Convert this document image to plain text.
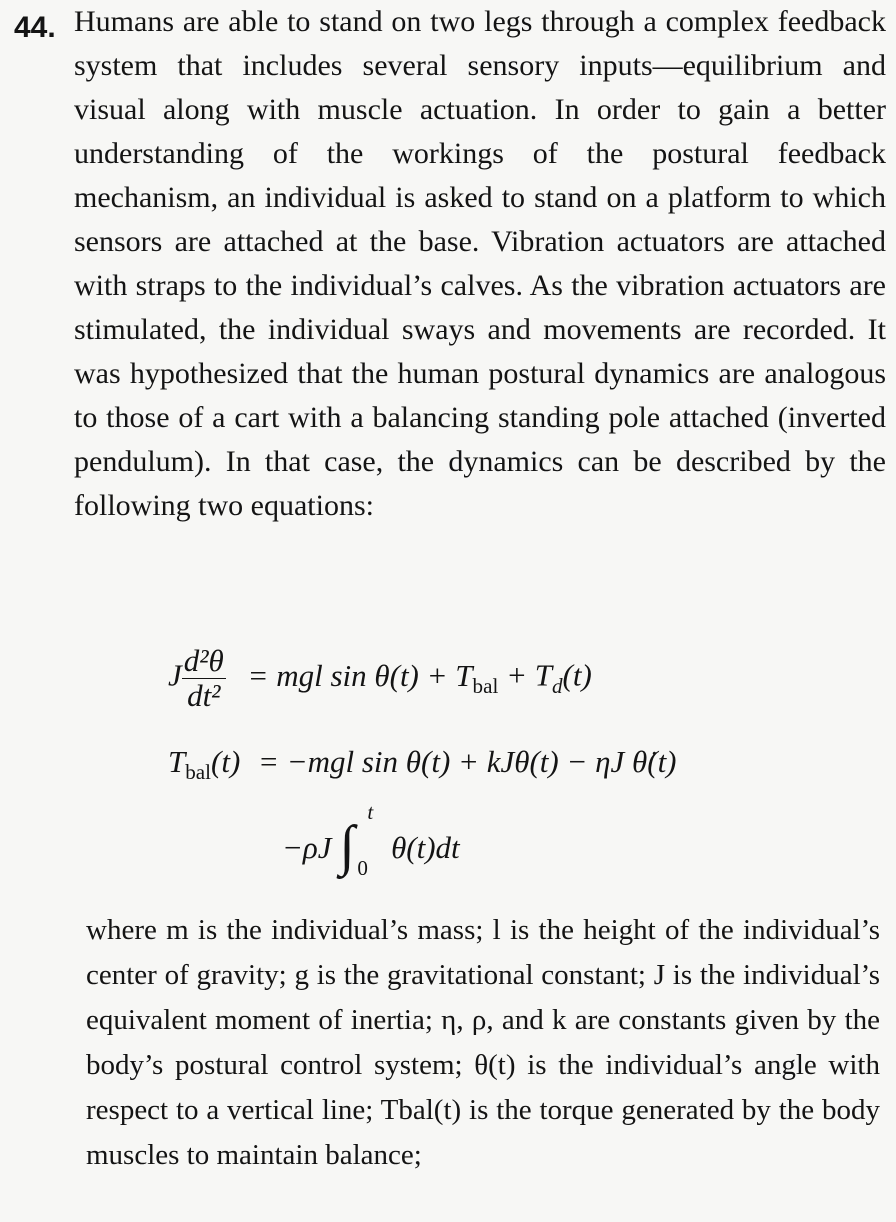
44. Humans are able to stand on two legs through a complex feedback system that includes several sensory inputs—equilibrium and visual along with muscle actuation. In order to gain a better understanding of the workings of the postural feedback mechanism, an individual is asked to stand on a platform to which sensors are attached at the base. Vibration actuators are attached with straps to the individual’s calves. As the vibration actuators are stimulated, the individual sways and movements are recorded. It was hypothesized that the human postural dynamics are analogous to those of a cart with a balancing standing pole attached (inverted pendulum). In that case, the dynamics can be described by the following two equations:

J $\frac{\text{d²θ}}{\text{dt²}}$ = mgl $\sin \theta(t) + T_{bal} + T_d(t)$
$T_{bal}(t) = -mgl$ sin θ(t) + kJθ(t) − ηJ θ̇(t)
−ρJ ∫
t
0
θ(t)dt

where m is the individual’s mass; l is the height of the individual’s center of gravity; g is the gravitational constant; J is the individual’s equivalent moment of inertia; η, ρ, and k are constants given by the body’s postural control system; θ(t) is the individual’s angle with respect to a vertical line; Tbal(t) is the torque generated by the body muscles to maintain balance;
